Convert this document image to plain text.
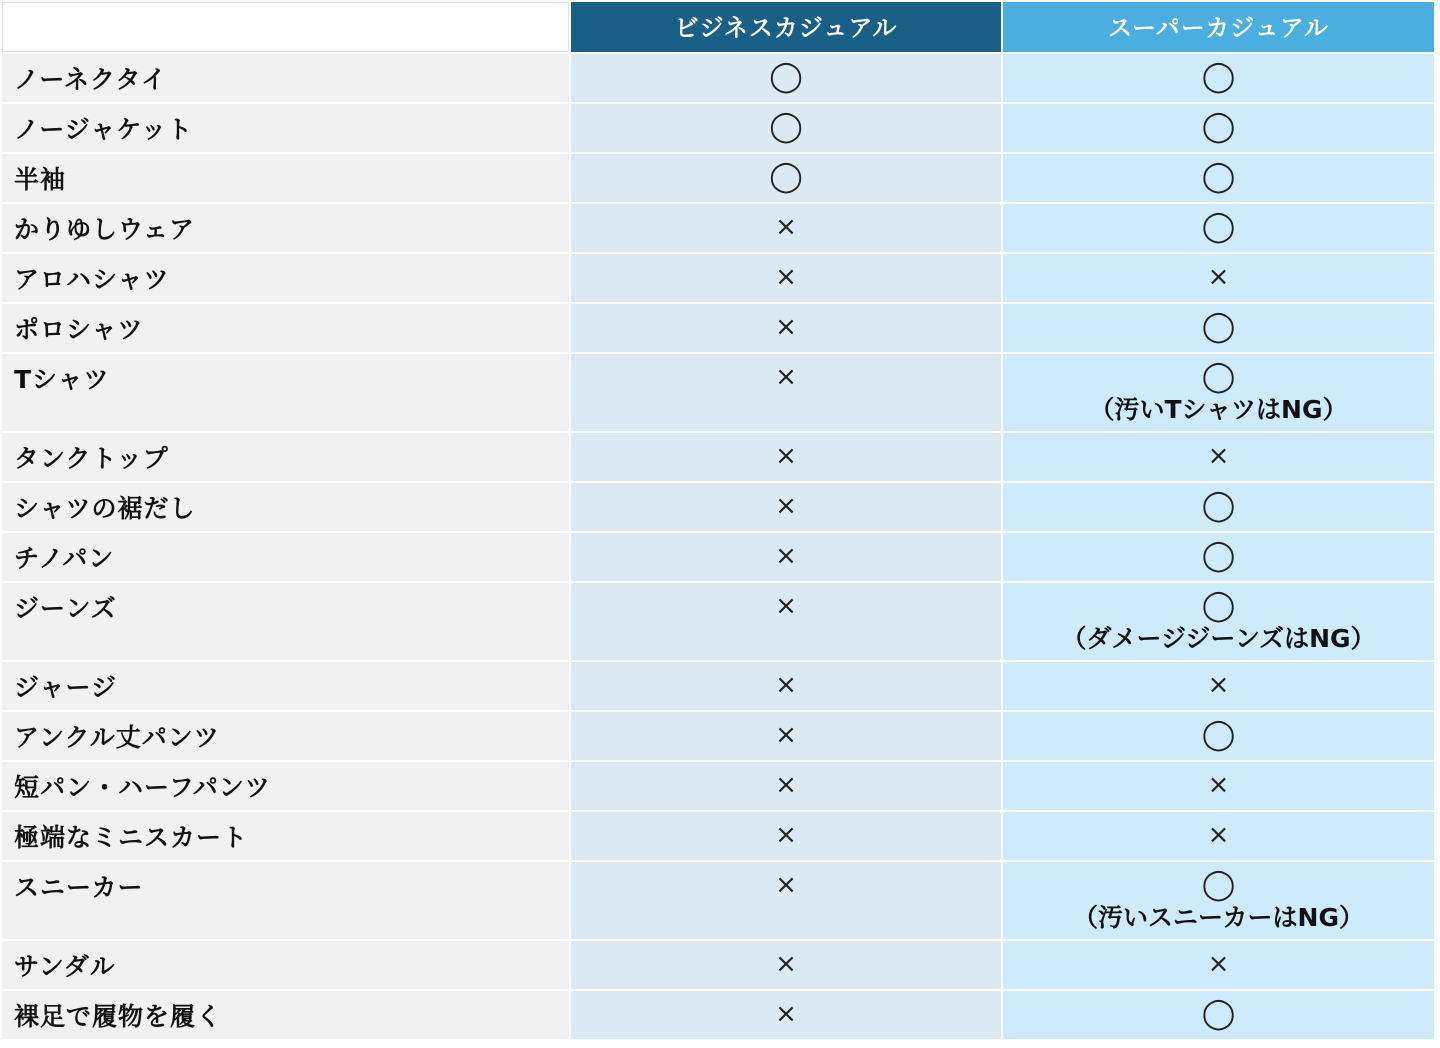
	ビジネスカジュアル	スーパーカジュアル
ノーネクタイ	◯	◯

ノージャケット	◯	◯

半袖	◯	◯

かりゆしウェア	×	◯

アロハシャツ	×	×

ポロシャツ	×	◯

Tシャツ	×	◯
（汚いTシャツはNG）

タンクトップ	×	×

シャツの裾だし	×	◯

チノパン	×	◯

ジーンズ	×	◯
（ダメージジーンズはNG）

ジャージ	×	×

アンクル丈パンツ	×	◯

短パン・ハーフパンツ	×	×

極端なミニスカート	×	×

スニーカー	×	◯
（汚いスニーカーはNG）

サンダル	×	×

裸足で履物を履く	×	◯
